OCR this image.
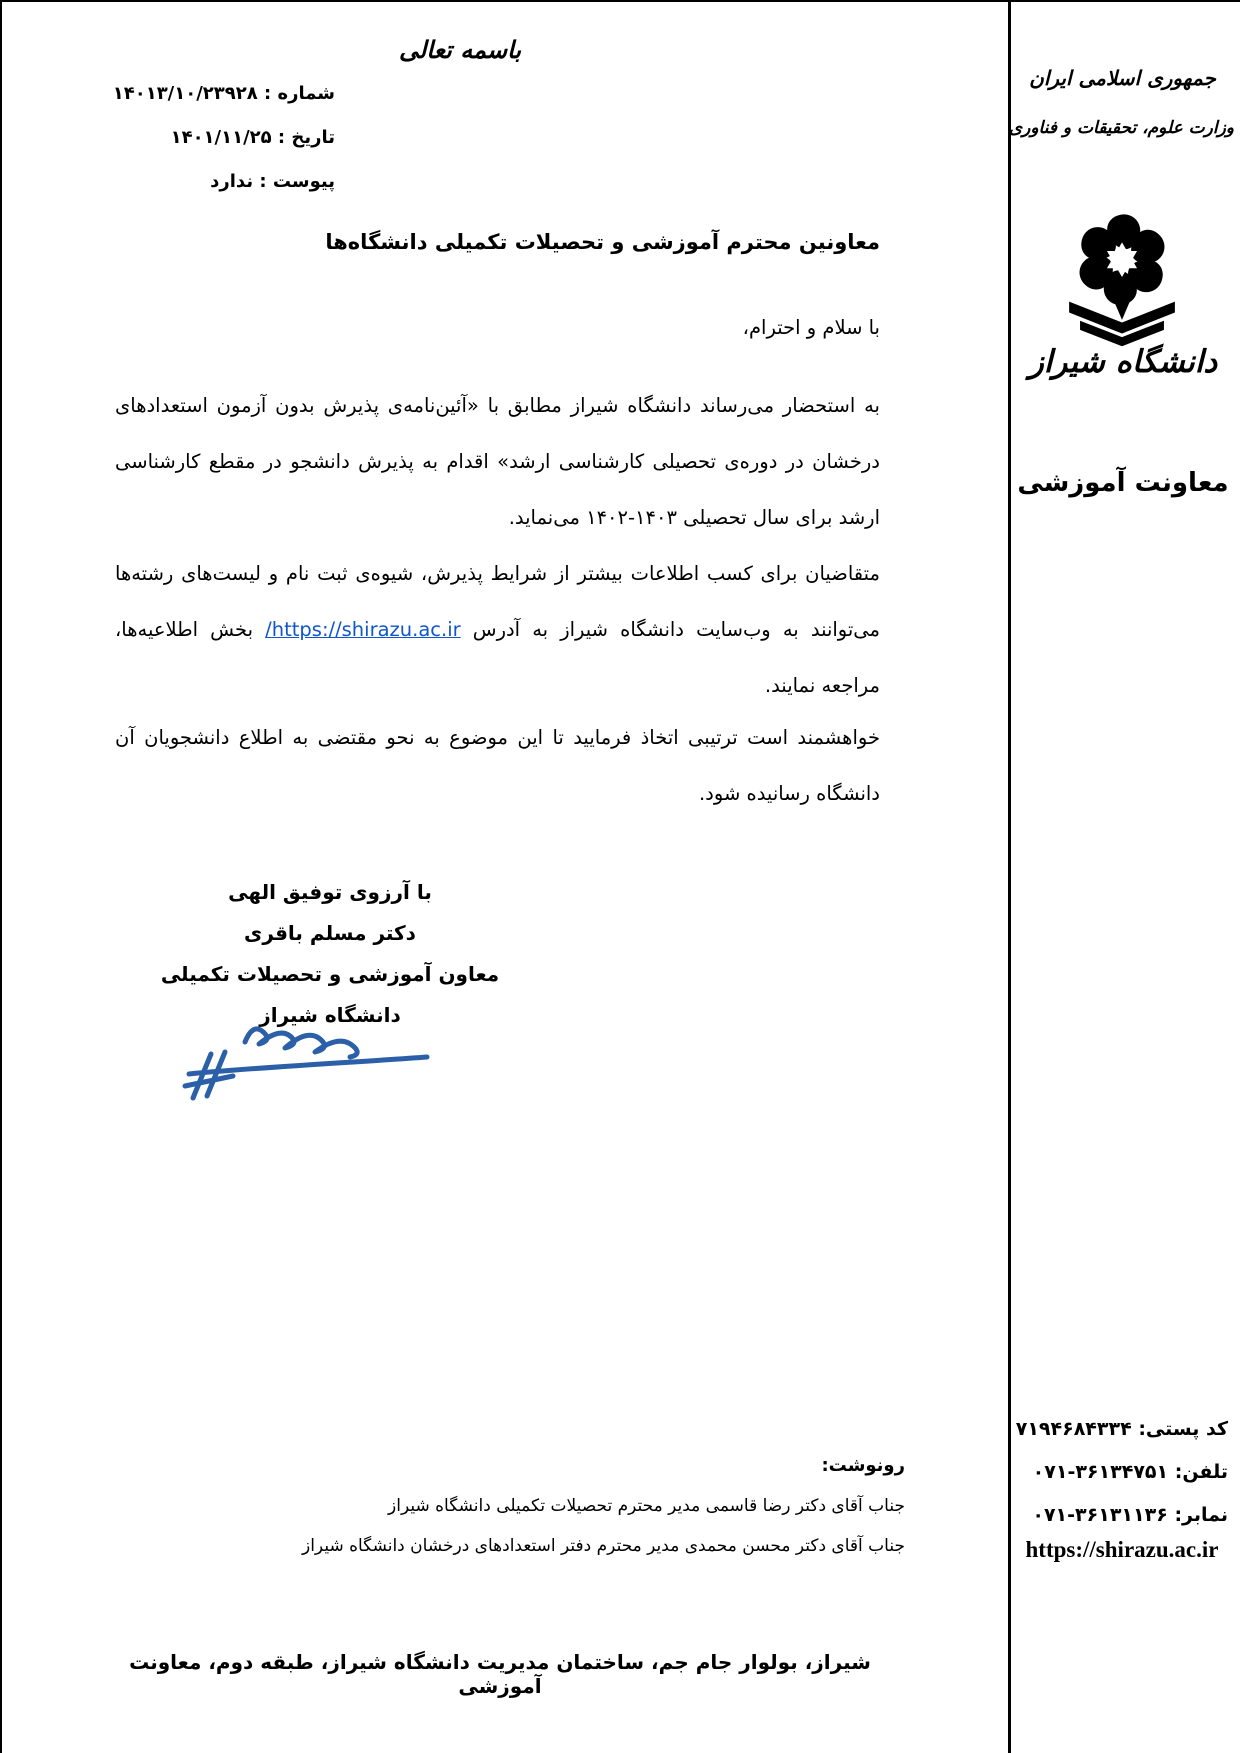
باسمه تعالی
شماره : ۱۴۰۱۳/۱۰/۲۳۹۲۸
تاریخ : ۱۴۰۱/۱۱/۲۵
پیوست : ندارد
جمهوری اسلامی ایران
وزارت علوم، تحقیقات و فناوری
دانشگاه شیراز
معاونت آموزشی
کد پستی: ۷۱۹۴۶۸۴۳۳۴
تلفن: ۰۷۱-۳۶۱۳۴۷۵۱
نمابر: ۰۷۱-۳۶۱۳۱۱۳۶
https://shirazu.ac.ir
معاونین محترم آموزشی و تحصیلات تکمیلی دانشگاه‌ها
با سلام و احترام،
به استحضار می‌رساند دانشگاه شیراز مطابق با «آئین‌نامه‌ی پذیرش بدون آزمون استعدادهای درخشان در دوره‌ی تحصیلی کارشناسی ارشد» اقدام به پذیرش دانشجو در مقطع کارشناسی ارشد برای سال تحصیلی ۱۴۰۳-۱۴۰۲ می‌نماید.
متقاضیان برای کسب اطلاعات بیشتر از شرایط پذیرش، شیوه‌ی ثبت نام و لیست‌های رشته‌ها می‌توانند به وب‌سایت دانشگاه شیراز به آدرس https://shirazu.ac.ir/ بخش اطلاعیه‌ها، مراجعه نمایند.
خواهشمند است ترتیبی اتخاذ فرمایید تا این موضوع به نحو مقتضی به اطلاع دانشجویان آن دانشگاه رسانیده شود.
با آرزوی توفیق الهی
دکتر مسلم باقری
معاون آموزشی و تحصیلات تکمیلی
دانشگاه شیراز
رونوشت:
جناب آقای دکتر رضا قاسمی مدیر محترم تحصیلات تکمیلی دانشگاه شیراز
جناب آقای دکتر محسن محمدی مدیر محترم دفتر استعدادهای درخشان دانشگاه شیراز
شیراز، بولوار جام جم، ساختمان مدیریت دانشگاه شیراز، طبقه دوم، معاونت آموزشی
